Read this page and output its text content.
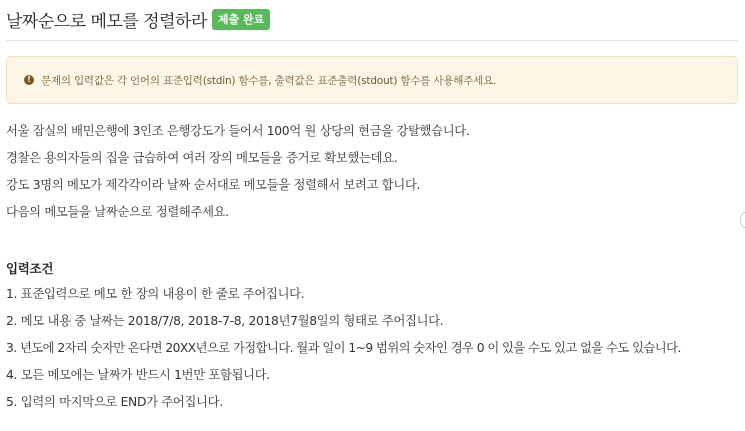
날짜순으로 메모를 정렬하라	제출 완료
! 문제의 입력값은 각 언어의 표준입력(stdin) 함수를, 출력값은 표준출력(stdout) 함수를 사용해주세요.
서울 잠실의 배민은행에 3인조 은행강도가 들어서 100억 원 상당의 현금을 강탈했습니다.
경찰은 용의자들의 집을 급습하여 여러 장의 메모들을 증거로 확보했는데요.
강도 3명의 메모가 제각각이라 날짜 순서대로 메모들을 정렬해서 보려고 합니다.
다음의 메모들을 날짜순으로 정렬해주세요.
입력조건
1. 표준입력으로 메모 한 장의 내용이 한 줄로 주어집니다.
2. 메모 내용 중 날짜는 2018/7/8, 2018-7-8, 2018년7월8일의 형태로 주어집니다.
3. 년도에 2자리 숫자만 온다면 20XX년으로 가정합니다. 월과 일이 1~9 범위의 숫자인 경우 0 이 있을 수도 있고 없을 수도 있습니다.
4. 모든 메모에는 날짜가 반드시 1번만 포함됩니다.
5. 입력의 마지막으로 END가 주어집니다.
